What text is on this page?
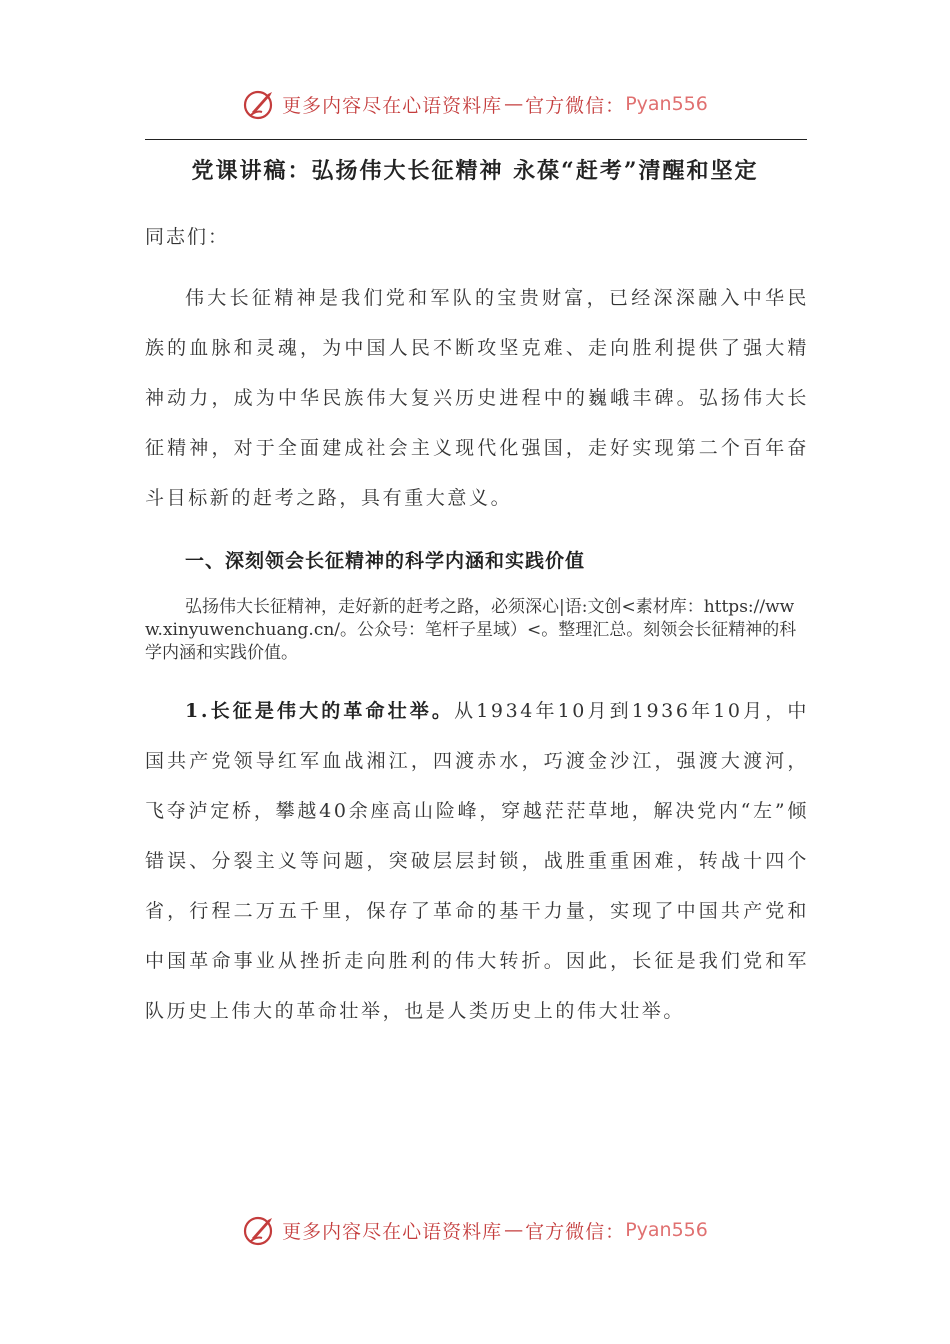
更多内容尽在心语资料库 — 官方微信： Pyan556
党课讲稿：弘扬伟大长征精神 永葆“赶考”清醒和坚定
同志们：

伟大长征精神是我们党和军队的宝贵财富，已经深深融入中华民族的血脉和灵魂，为中国人民不断攻坚克难、走向胜利提供了强大精神动力，成为中华民族伟大复兴历史进程中的巍峨丰碑。弘扬伟大长征精神，对于全面建成社会主义现代化强国，走好实现第二个百年奋斗目标新的赶考之路，具有重大意义。

一、深刻领会长征精神的科学内涵和实践价值

弘扬伟大长征精神，走好新的赶考之路，必须深心|语:文创<素材库：https://www.xinyuwenchuang.cn/。公众号：笔杆子星域）<。整理汇总。刻领会长征精神的科学内涵和实践价值。

1.长征是伟大的革命壮举。从1934年10月到1936年10月，中国共产党领导红军血战湘江，四渡赤水，巧渡金沙江，强渡大渡河，飞夺泸定桥，攀越40余座高山险峰，穿越茫茫草地，解决党内“左”倾错误、分裂主义等问题，突破层层封锁，战胜重重困难，转战十四个省，行程二万五千里，保存了革命的基干力量，实现了中国共产党和中国革命事业从挫折走向胜利的伟大转折。因此，长征是我们党和军队历史上伟大的革命壮举，也是人类历史上的伟大壮举。

更多内容尽在心语资料库 — 官方微信： Pyan556
